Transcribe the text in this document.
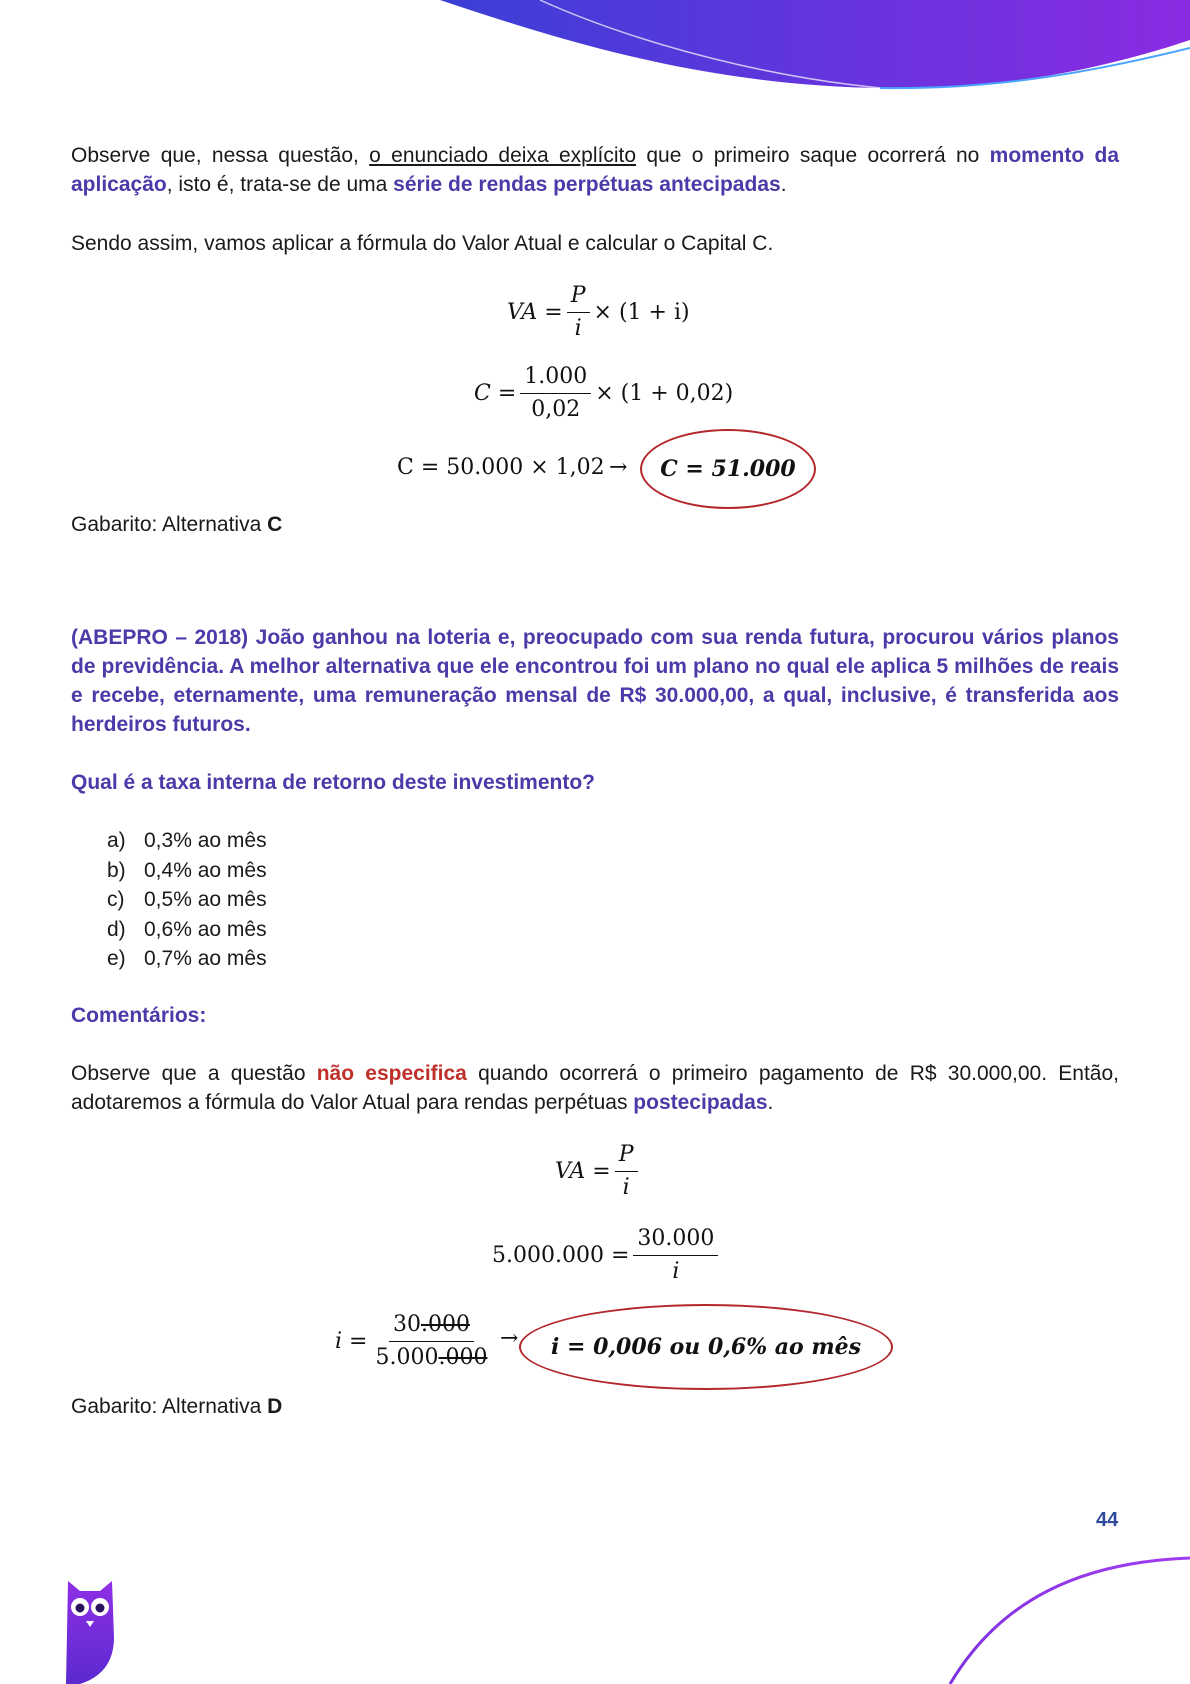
Observe que, nessa questão, o enunciado deixa explícito que o primeiro saque ocorrerá no momento da aplicação, isto é, trata-se de uma série de rendas perpétuas antecipadas.
Sendo assim, vamos aplicar a fórmula do Valor Atual e calcular o Capital C.
VA = $\frac{P}{i} \times (1 + i)$
$C = \frac{1.000}{0,02} \times (1 + 0,02)$
C = 50.000 × 1,02 → C = 51.000
Gabarito: Alternativa C
(ABEPRO – 2018) João ganhou na loteria e, preocupado com sua renda futura, procurou vários planos de previdência. A melhor alternativa que ele encontrou foi um plano no qual ele aplica 5 milhões de reais e recebe, eternamente, uma remuneração mensal de R$ 30.000,00, a qual, inclusive, é transferida aos herdeiros futuros.
Qual é a taxa interna de retorno deste investimento?
a) 0,3% ao mês
b) 0,4% ao mês
c) 0,5% ao mês
d) 0,6% ao mês
e) 0,7% ao mês
Comentários:
Observe que a questão não especifica quando ocorrerá o primeiro pagamento de R$ 30.000,00. Então, adotaremos a fórmula do Valor Atual para rendas perpétuas postecipadas.
VA = $\frac{P}{i}$
$5.000.000 = \frac{30.000}{i}$
$i = \frac{30.000}{5.000.000} \to i = 0,006$ ou 0,6% ao mês
Gabarito: Alternativa D
44
